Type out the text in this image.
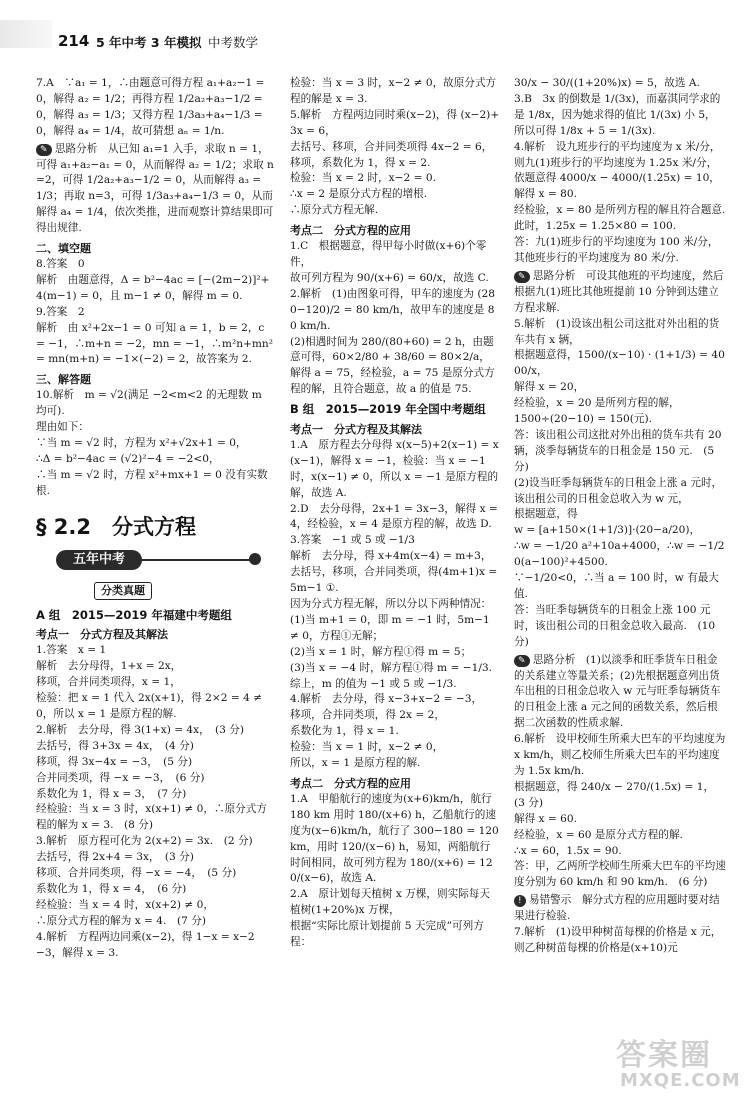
214 5 年中考 3 年模拟 中考数学

7.A　∵a₁ = 1，∴由题意可得方程 a₁+a₂−1 = 0，解得 a₂ = 1/2；再得方程 1/2a₂+a₃−1/2 = 0，解得 a₃ = 1/3；又得方程 1/3a₃+a₄−1/3 = 0，解得 a₄ = 1/4，故可猜想 aₙ = 1/n.

✎ 思路分析　从已知 a₁=1 入手，求取 n = 1，可得 a₁+a₂−a₁ = 0，从而解得 a₂ = 1/2；求取 n=2，可得 1/2a₂+a₃−1/2 = 0，从而解得 a₃ = 1/3；再取 n=3，可得 1/3a₃+a₄−1/3 = 0，从而解得 a₄ = 1/4，依次类推，进而观察计算结果即可得出规律.

二、填空题

8.答案　0

解析　由题意得，Δ = b²−4ac = [−(2m−2)]²+4(m−1) = 0，且 m−1 ≠ 0，解得 m = 0.

9.答案　2

解析　由 x²+2x−1 = 0 可知 a = 1，b = 2，c = −1，∴m+n = −2，mn = −1，∴m²n+mn² = mn(m+n) = −1×(−2) = 2，故答案为 2.

三、解答题

10.解析　m = √2(满足 −2<m<2 的无理数 m 均可).

理由如下：

∵当 m = √2 时，方程为 x²+√2x+1 = 0，

∴Δ = b²−4ac = (√2)²−4 = −2<0，

∴当 m = √2 时，方程 x²+mx+1 = 0 没有实数根.

§ 2.2　分式方程

五年中考
分类真题

A 组　2015—2019 年福建中考题组

考点一　分式方程及其解法

1.答案　x = 1

解析　去分母得，1+x = 2x，

移项，合并同类项得，x = 1，

检验：把 x = 1 代入 2x(x+1)，得 2×2 = 4 ≠ 0，所以 x = 1 是原方程的解.

2.解析　去分母，得 3(1+x) = 4x，　(3 分)

去括号，得 3+3x = 4x，　(4 分)

移项，得 3x−4x = −3，　(5 分)

合并同类项，得 −x = −3，　(6 分)

系数化为 1，得 x = 3，　(7 分)

经检验：当 x = 3 时，x(x+1) ≠ 0，∴原分式方程的解为 x = 3.　(8 分)

3.解析　原方程可化为 2(x+2) = 3x.　(2 分)

去括号，得 2x+4 = 3x，　(3 分)

移项、合并同类项，得 −x = −4，　(5 分)

系数化为 1，得 x = 4，　(6 分)

经检验：当 x = 4 时，x(x+2) ≠ 0，

∴原分式方程的解为 x = 4.　(7 分)

4.解析　方程两边同乘(x−2)，得 1−x = x−2−3，解得 x = 3.

检验：当 x = 3 时，x−2 ≠ 0，故原分式方程的解是 x = 3.

5.解析　方程两边同时乘(x−2)，得 (x−2)+3x = 6，

去括号、移项，合并同类项得 4x−2 = 6，

移项，系数化为 1，得 x = 2.

检验：当 x = 2 时，x−2 = 0.

∴x = 2 是原分式方程的增根.

∴原分式方程无解.

考点二　分式方程的应用

1.C　根据题意，得甲每小时做(x+6)个零件，

故可列方程为 90/(x+6) = 60/x，故选 C.

2.解析　(1)由图象可得，甲车的速度为 (280−120)/2 = 80 km/h，故甲车的速度是 80 km/h.

(2)相遇时间为 280/(80+60) = 2 h，由题意可得，60×2/80 + 38/60 = 80×2/a，解得 a = 75，经检验，a = 75 是原分式方程的解，且符合题意，故 a 的值是 75.

B 组　2015—2019 年全国中考题组

考点一　分式方程及其解法

1.A　原方程去分母得 x(x−5)+2(x−1) = x(x−1)，解得 x = −1，检验：当 x = −1 时，x(x−1) ≠ 0，所以 x = −1 是原方程的解，故选 A.

2.D　去分母得，2x+1 = 3x−3，解得 x = 4，经检验，x = 4 是原方程的解，故选 D.

3.答案　−1 或 5 或 −1/3

解析　去分母，得 x+4m(x−4) = m+3，

去括号，移项，合并同类项，得(4m+1)x = 5m−1 ①.

因为分式方程无解，所以分以下两种情况：

(1)当 m+1 = 0，即 m = −1 时，5m−1 ≠ 0，方程①无解；

(2)当 x = 1 时，解方程①得 m = 5；

(3)当 x = −4 时，解方程①得 m = −1/3.

综上，m 的值为 −1 或 5 或 −1/3.

4.解析　去分母，得 x−3+x−2 = −3，

移项，合并同类项，得 2x = 2，

系数化为 1，得 x = 1.

检验：当 x = 1 时，x−2 ≠ 0，

所以，x = 1 是原方程的解.

考点二　分式方程的应用

1.A　甲船航行的速度为(x+6)km/h，航行 180 km 用时 180/(x+6) h，乙船航行的速度为(x−6)km/h，航行了 300−180 = 120 km，用时 120/(x−6) h，易知，两船航行时间相同，故可列方程为 180/(x+6) = 120/(x−6)，故选 A.

2.A　原计划每天植树 x 万棵，则实际每天植树(1+20%)x 万棵，

根据“实际比原计划提前 5 天完成”可列方程：

30/x − 30/((1+20%)x) = 5，故选 A.

3.B　3x 的倒数是 1/(3x)，而嘉淇同学求的是 1/8x，因为她求得的值比 1/(3x) 小 5，所以可得 1/8x + 5 = 1/(3x).

4.解析　设九班步行的平均速度为 x 米/分，则九(1)班步行的平均速度为 1.25x 米/分，依题意得 4000/x − 4000/(1.25x) = 10，

解得 x = 80.

经检验，x = 80 是所列方程的解且符合题意.

此时，1.25x = 1.25×80 = 100.

答：九(1)班步行的平均速度为 100 米/分，其他班步行的平均速度为 80 米/分.

✎ 思路分析　可设其他班的平均速度，然后根据九(1)班比其他班提前 10 分钟到达建立方程求解.

5.解析　(1)设该出租公司这批对外出租的货车共有 x 辆，

根据题意得，1500/(x−10) · (1+1/3) = 4000/x，

解得 x = 20，

经检验，x = 20 是所列方程的解，

1500÷(20−10) = 150(元).

答：该出租公司这批对外出租的货车共有 20 辆，淡季每辆货车的日租金是 150 元.　(5 分)

(2)设当旺季每辆货车的日租金上涨 a 元时，该出租公司的日租金总收入为 w 元，

根据题意，得

w = [a+150×(1+1/3)]·(20−a/20)，

∴w = −1/20 a²+10a+4000，∴w = −1/20(a−100)²+4500.

∵−1/20<0，∴当 a = 100 时，w 有最大值.

答：当旺季每辆货车的日租金上涨 100 元时，该出租公司的日租金总收入最高.　(10 分)

✎ 思路分析　(1)以淡季和旺季货车日租金的关系建立等量关系；(2)先根据题意列出货车出租的日租金总收入 w 元与旺季每辆货车的日租金上涨 a 元之间的函数关系，然后根据二次函数的性质求解.

6.解析　设甲校师生所乘大巴车的平均速度为 x km/h，则乙校师生所乘大巴车的平均速度为 1.5x km/h.

根据题意，得 240/x − 270/(1.5x) = 1，　(3 分)

解得 x = 60.

经检验，x = 60 是原分式方程的解.

∴x = 60，1.5x = 90.

答：甲，乙两所学校师生所乘大巴车的平均速度分别为 60 km/h 和 90 km/h.　(6 分)

! 易错警示　解分式方程的应用题时要对结果进行检验.

7.解析　(1)设甲种树苗每棵的价格是 x 元，则乙种树苗每棵的价格是(x+10)元

答案圈
MXQE.COM
